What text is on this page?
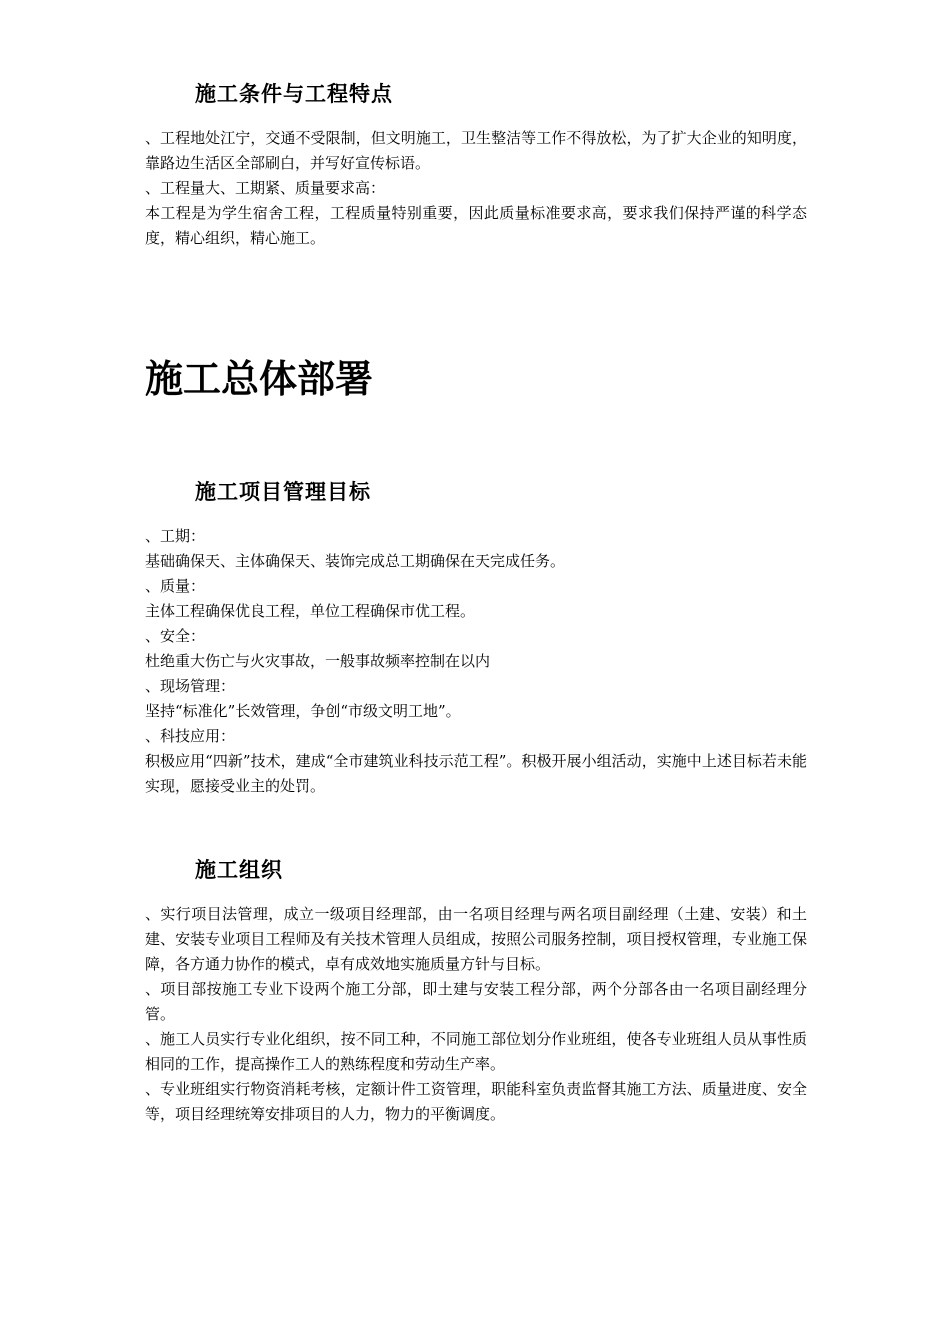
施工条件与工程特点

、工程地处江宁，交通不受限制，但文明施工，卫生整洁等工作不得放松，为了扩大企业的知明度，靠路边生活区全部刷白，并写好宣传标语。

、工程量大、工期紧、质量要求高：

本工程是为学生宿舍工程，工程质量特别重要，因此质量标准要求高，要求我们保持严谨的科学态度，精心组织，精心施工。

施工总体部署
施工项目管理目标

、工期：

基础确保天、主体确保天、装饰完成总工期确保在天完成任务。

、质量：

主体工程确保优良工程，单位工程确保市优工程。

、安全：

杜绝重大伤亡与火灾事故，一般事故频率控制在以内

、现场管理：

坚持“标准化”长效管理，争创“市级文明工地”。

、科技应用：

积极应用“四新”技术，建成“全市建筑业科技示范工程”。积极开展小组活动，实施中上述目标若未能实现，愿接受业主的处罚。

施工组织

、实行项目法管理，成立一级项目经理部，由一名项目经理与两名项目副经理（土建、安装）和土建、安装专业项目工程师及有关技术管理人员组成，按照公司服务控制，项目授权管理，专业施工保障，各方通力协作的模式，卓有成效地实施质量方针与目标。

、项目部按施工专业下设两个施工分部，即土建与安装工程分部，两个分部各由一名项目副经理分管。

、施工人员实行专业化组织，按不同工种，不同施工部位划分作业班组，使各专业班组人员从事性质相同的工作，提高操作工人的熟练程度和劳动生产率。

、专业班组实行物资消耗考核，定额计件工资管理，职能科室负责监督其施工方法、质量进度、安全等，项目经理统筹安排项目的人力，物力的平衡调度。
